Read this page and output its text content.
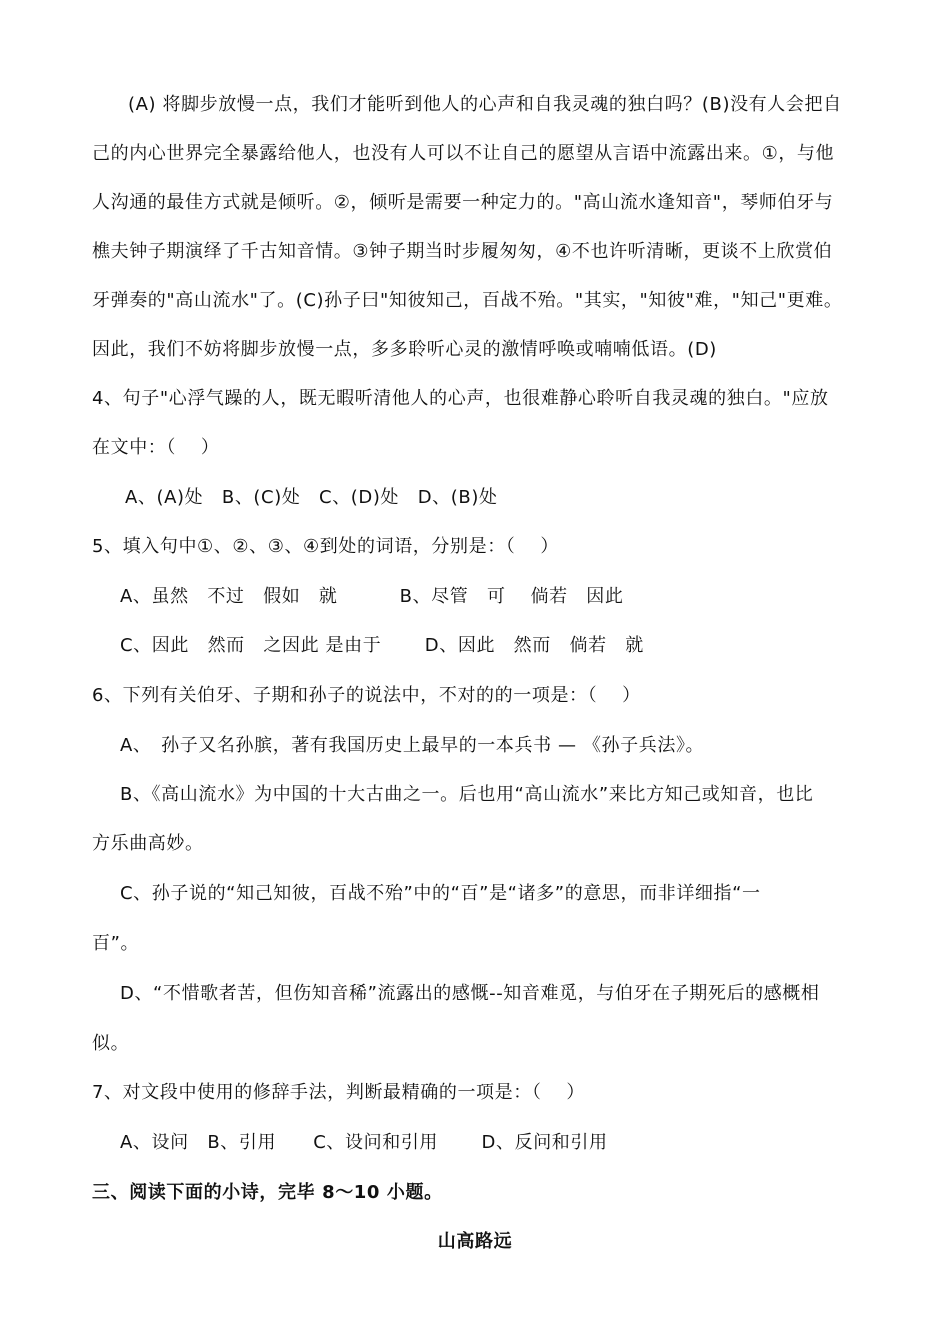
(A) 将脚步放慢一点，我们才能听到他人的心声和自我灵魂的独白吗？(B)没有人会把自
己的内心世界完全暴露给他人，也没有人可以不让自己的愿望从言语中流露出来。①，与他
人沟通的最佳方式就是倾听。②，倾听是需要一种定力的。"高山流水逢知音"，琴师伯牙与
樵夫钟子期演绎了千古知音情。③钟子期当时步履匆匆，④不也许听清晰，更谈不上欣赏伯
牙弹奏的"高山流水"了。(C)孙子曰"知彼知己，百战不殆。"其实，"知彼"难，"知己"更难。
因此，我们不妨将脚步放慢一点，多多聆听心灵的激情呼唤或喃喃低语。(D)
4、句子"心浮气躁的人，既无暇听清他人的心声，也很难静心聆听自我灵魂的独白。"应放
在文中：（　 ）
A、(A)处　B、(C)处　C、(D)处　D、(B)处
5、填入句中①、②、③、④到处的词语，分别是：（　 ）
A、虽然　不过　假如　就　　　 B、尽管　可　 倘若　因此
C、因此　然而　之因此 是由于　　 D、因此　然而　倘若　就
6、下列有关伯牙、子期和孙子的说法中，不对的的一项是：（　 ）
A、　孙子又名孙膑，著有我国历史上最早的一本兵书 — 《孙子兵法》。
B、《高山流水》为中国的十大古曲之一。后也用“高山流水”来比方知己或知音，也比
方乐曲高妙。
C、孙子说的“知己知彼，百战不殆”中的“百”是“诸多”的意思，而非详细指“一
百”。
D、“不惜歌者苦，但伤知音稀”流露出的感慨--知音难觅，与伯牙在子期死后的感概相
似。
7、对文段中使用的修辞手法，判断最精确的一项是：（　 ）
A、设问　B、引用　　C、设问和引用　　 D、反问和引用
三、阅读下面的小诗，完毕 8～10 小题。
山高路远
